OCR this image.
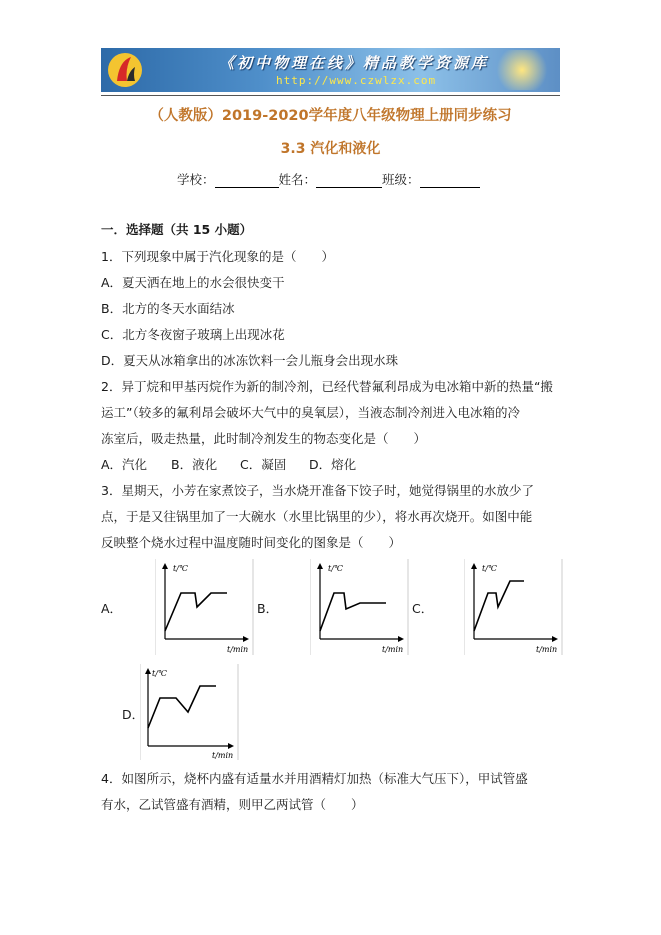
《初中物理在线》精品教学资源库
http://www.czwlzx.com
（人教版）2019-2020学年度八年级物理上册同步练习
3.3 汽化和液化
学校：	姓名：	班级：
一．选择题（共 15 小题）
1．下列现象中属于汽化现象的是（　　）
A．夏天洒在地上的水会很快变干
B．北方的冬天水面结冰
C．北方冬夜窗子玻璃上出现冰花
D．夏天从冰箱拿出的冰冻饮料一会儿瓶身会出现水珠
2．异丁烷和甲基丙烷作为新的制冷剂，已经代替氟利昂成为电冰箱中新的热量“搬
运工”（较多的氟利昂会破坏大气中的臭氧层），当液态制冷剂进入电冰箱的冷
冻室后，吸走热量，此时制冷剂发生的物态变化是（　　）
A．汽化 B．液化 C．凝固 D．熔化
3．星期天，小芳在家煮饺子，当水烧开准备下饺子时，她觉得锅里的水放少了
点，于是又往锅里加了一大碗水（水里比锅里的少），将水再次烧开。如图中能
反映整个烧水过程中温度随时间变化的图象是（　　）
A．	B．	C．
D．
t/℃
t/min
t/℃
t/min
t/℃
t/min
t/℃
t/min
4．如图所示，烧杯内盛有适量水并用酒精灯加热（标准大气压下），甲试管盛
有水，乙试管盛有酒精，则甲乙两试管（　　）
